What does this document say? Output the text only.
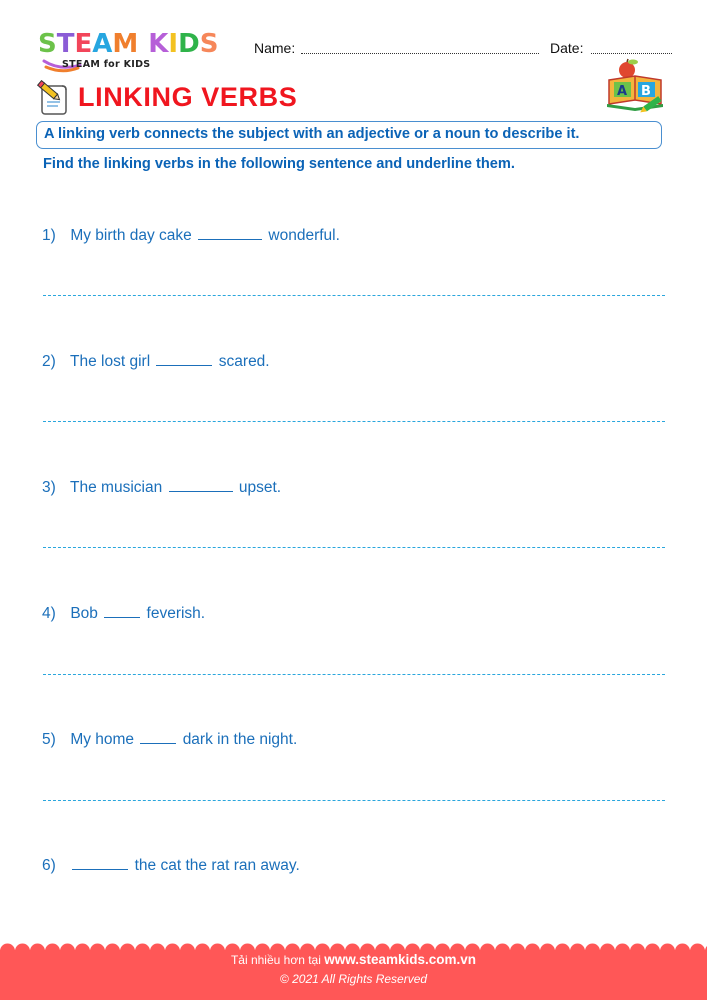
STEAM KIDS
STEAM for KIDS
Name:	Date:
LINKING VERBS	A B
A linking verb connects the subject with an adjective or a noun to describe it.
Find the linking verbs in the following sentence and underline them.
1) My birth day cake	wonderful.
2) The lost girl	scared.
3) The musician	upset.
4) Bob	feverish.
5) My home	dark in the night.
6)	the cat the rat ran away.
Tải nhiều hơn tại www.steamkids.com.vn
© 2021 All Rights Reserved
